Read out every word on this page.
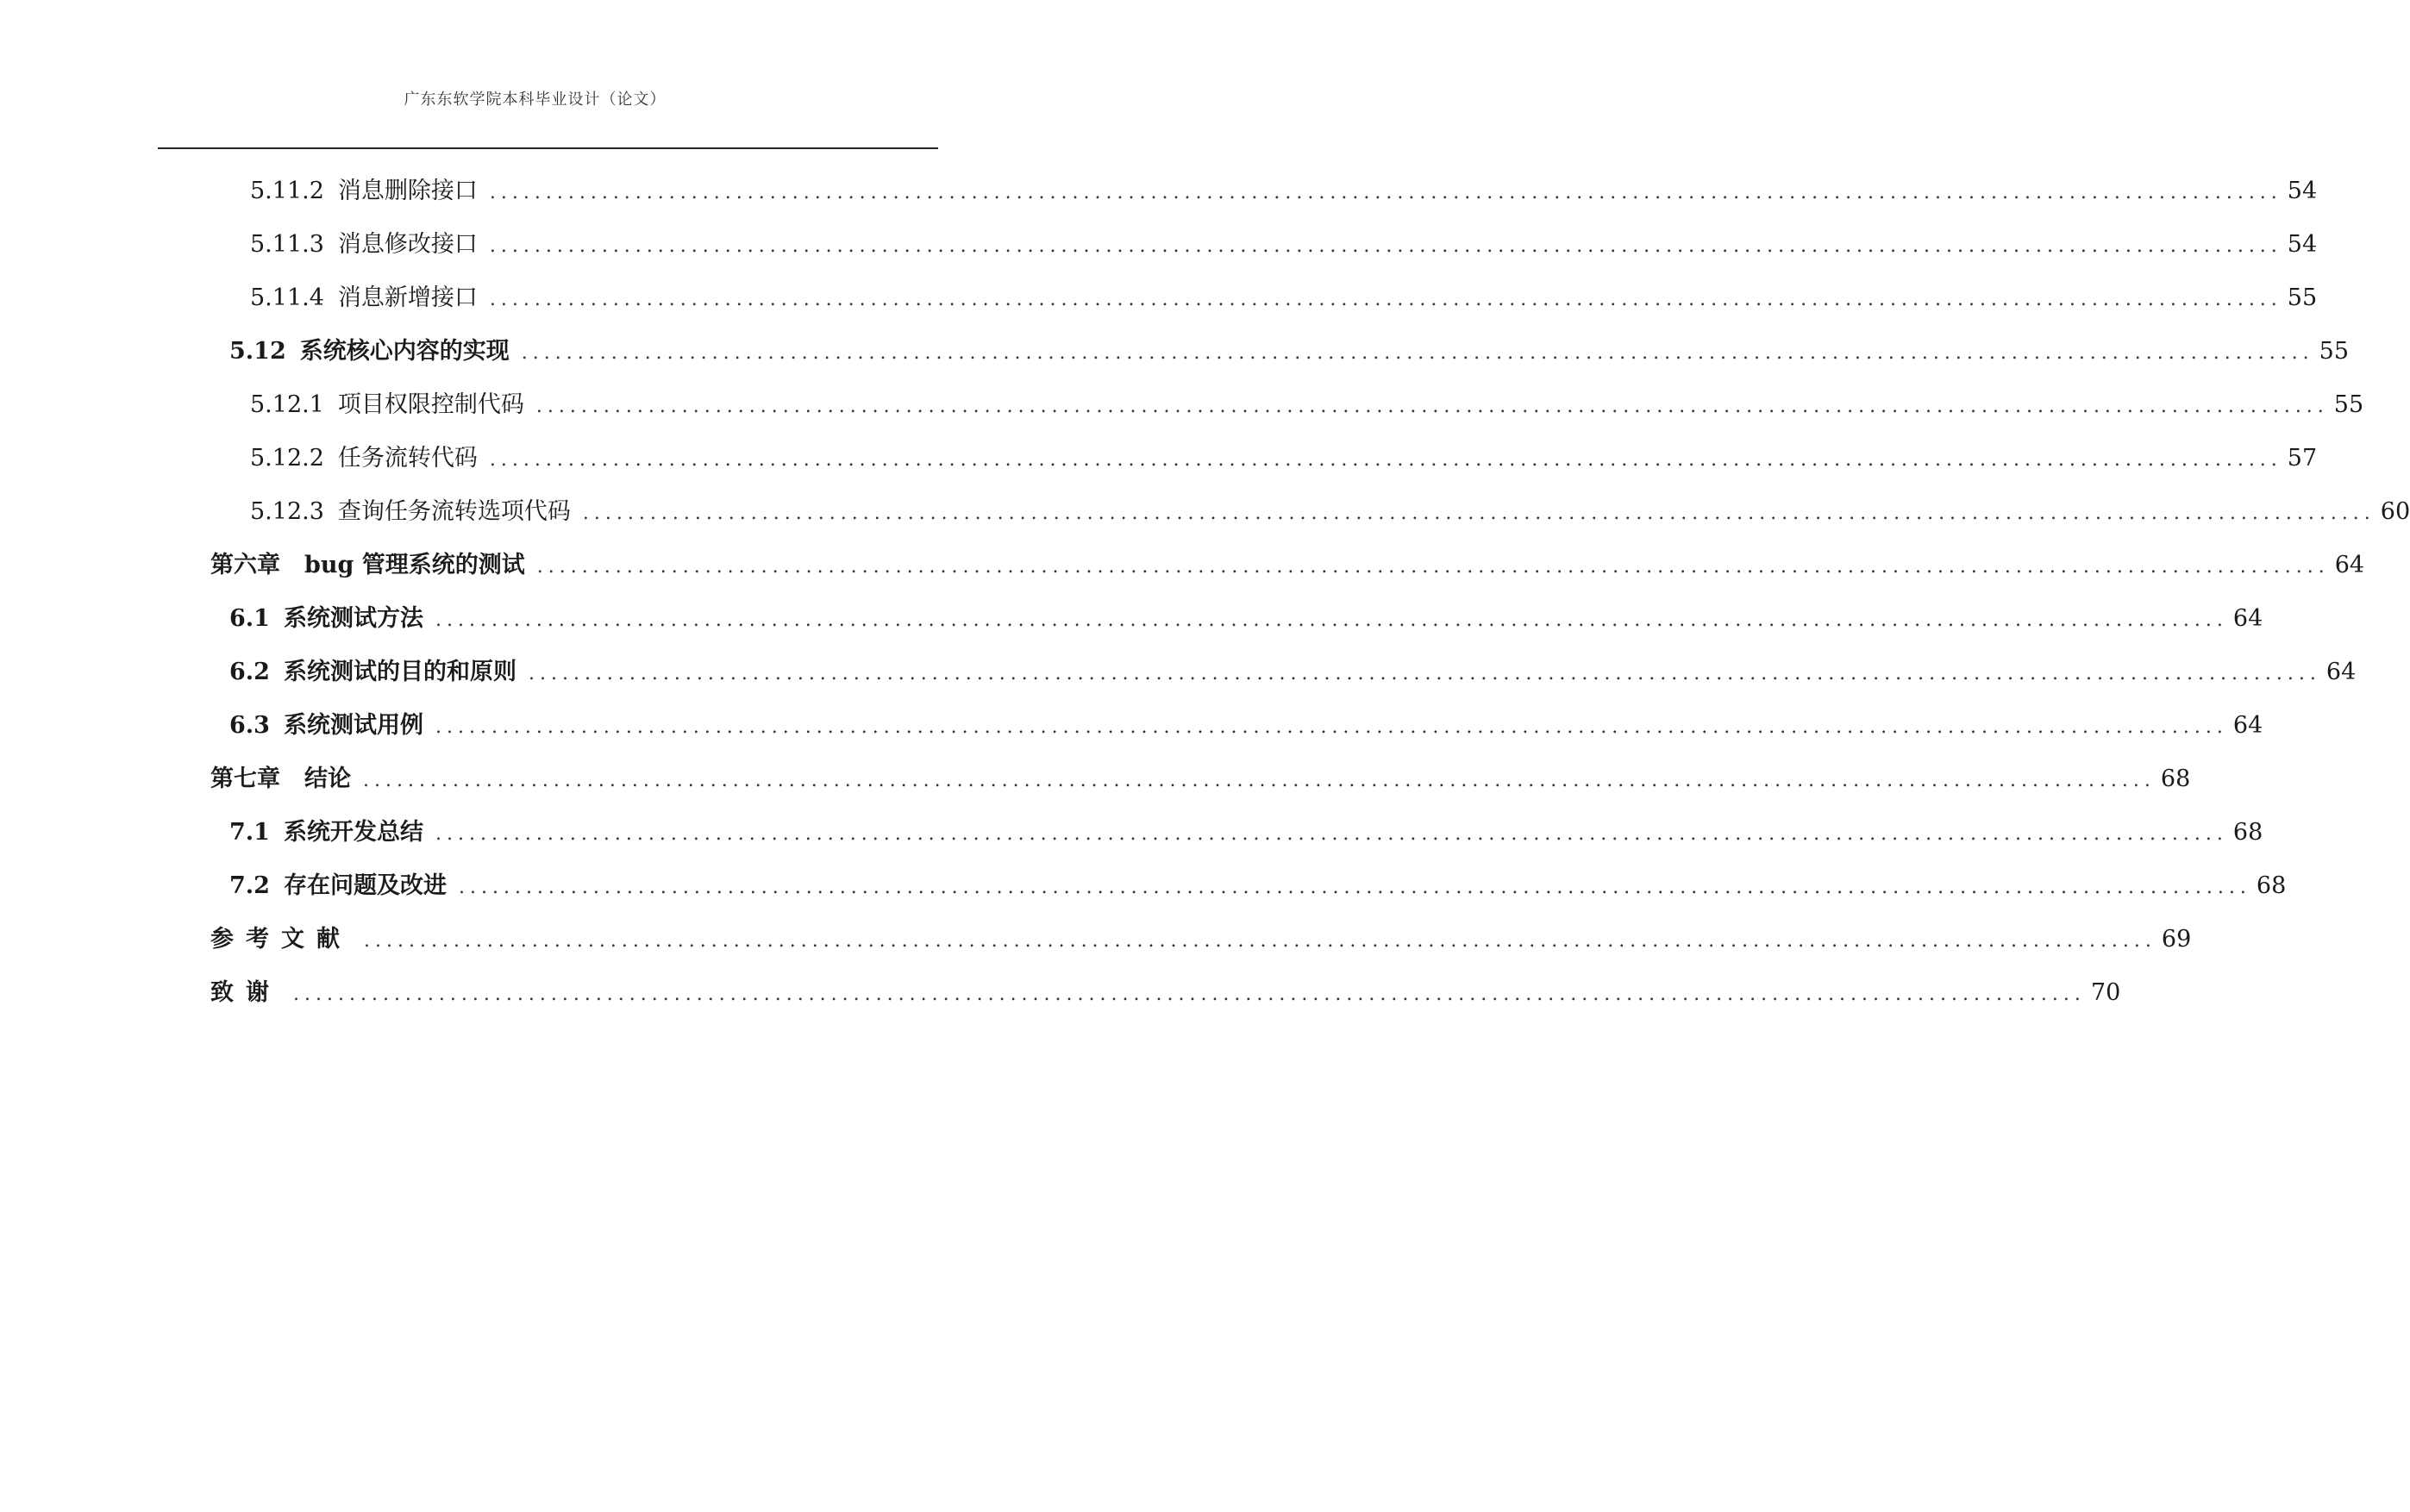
广东东软学院本科毕业设计（论文）
5.11.2 消息删除接口 ................................................................................................................................................................ 54
5.11.3 消息修改接口 ................................................................................................................................................................ 54
5.11.4 消息新增接口 ................................................................................................................................................................ 55
5.12 系统核心内容的实现 ................................................................................................................................................................ 55
5.12.1 项目权限控制代码 ................................................................................................................................................................ 55
5.12.2 任务流转代码 ................................................................................................................................................................ 57
5.12.3 查询任务流转选项代码 ................................................................................................................................................................ 60
第六章 bug 管理系统的测试 ................................................................................................................................................................ 64
6.1 系统测试方法 ................................................................................................................................................................ 64
6.2 系统测试的目的和原则 ................................................................................................................................................................ 64
6.3 系统测试用例 ................................................................................................................................................................ 64
第七章 结论 ................................................................................................................................................................ 68
7.1 系统开发总结 ................................................................................................................................................................ 68
7.2 存在问题及改进 ................................................................................................................................................................ 68
参考文献 ................................................................................................................................................................ 69
致谢 ................................................................................................................................................................ 70
